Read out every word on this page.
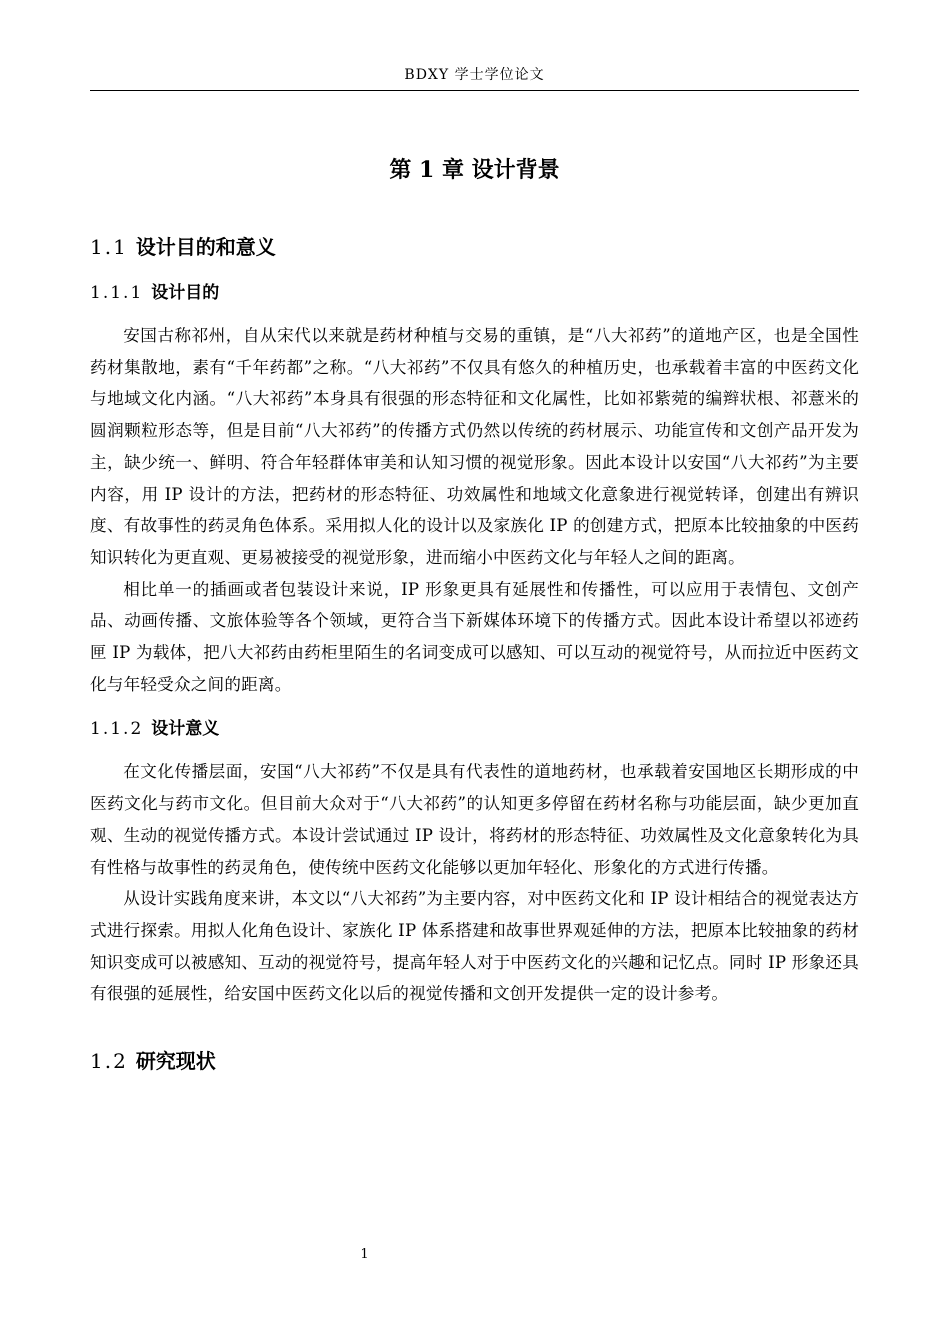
BDXY 学士学位论文
第 1 章 设计背景
1.1 设计目的和意义
1.1.1 设计目的

安国古称祁州，自从宋代以来就是药材种植与交易的重镇，是“八大祁药”的道地产区，也是全国性药材集散地，素有“千年药都”之称。“八大祁药”不仅具有悠久的种植历史，也承载着丰富的中医药文化与地域文化内涵。“八大祁药”本身具有很强的形态特征和文化属性，比如祁紫菀的编辫状根、祁薏米的圆润颗粒形态等，但是目前“八大祁药”的传播方式仍然以传统的药材展示、功能宣传和文创产品开发为主，缺少统一、鲜明、符合年轻群体审美和认知习惯的视觉形象。因此本设计以安国“八大祁药”为主要内容，用 IP 设计的方法，把药材的形态特征、功效属性和地域文化意象进行视觉转译，创建出有辨识度、有故事性的药灵角色体系。采用拟人化的设计以及家族化 IP 的创建方式，把原本比较抽象的中医药知识转化为更直观、更易被接受的视觉形象，进而缩小中医药文化与年轻人之间的距离。

相比单一的插画或者包装设计来说，IP 形象更具有延展性和传播性，可以应用于表情包、文创产品、动画传播、文旅体验等各个领域，更符合当下新媒体环境下的传播方式。因此本设计希望以祁迹药匣 IP 为载体，把八大祁药由药柜里陌生的名词变成可以感知、可以互动的视觉符号，从而拉近中医药文化与年轻受众之间的距离。

1.1.2 设计意义

在文化传播层面，安国“八大祁药”不仅是具有代表性的道地药材，也承载着安国地区长期形成的中医药文化与药市文化。但目前大众对于“八大祁药”的认知更多停留在药材名称与功能层面，缺少更加直观、生动的视觉传播方式。本设计尝试通过 IP 设计，将药材的形态特征、功效属性及文化意象转化为具有性格与故事性的药灵角色，使传统中医药文化能够以更加年轻化、形象化的方式进行传播。

从设计实践角度来讲，本文以“八大祁药”为主要内容，对中医药文化和 IP 设计相结合的视觉表达方式进行探索。用拟人化角色设计、家族化 IP 体系搭建和故事世界观延伸的方法，把原本比较抽象的药材知识变成可以被感知、互动的视觉符号，提高年轻人对于中医药文化的兴趣和记忆点。同时 IP 形象还具有很强的延展性，给安国中医药文化以后的视觉传播和文创开发提供一定的设计参考。

1.2 研究现状
1
